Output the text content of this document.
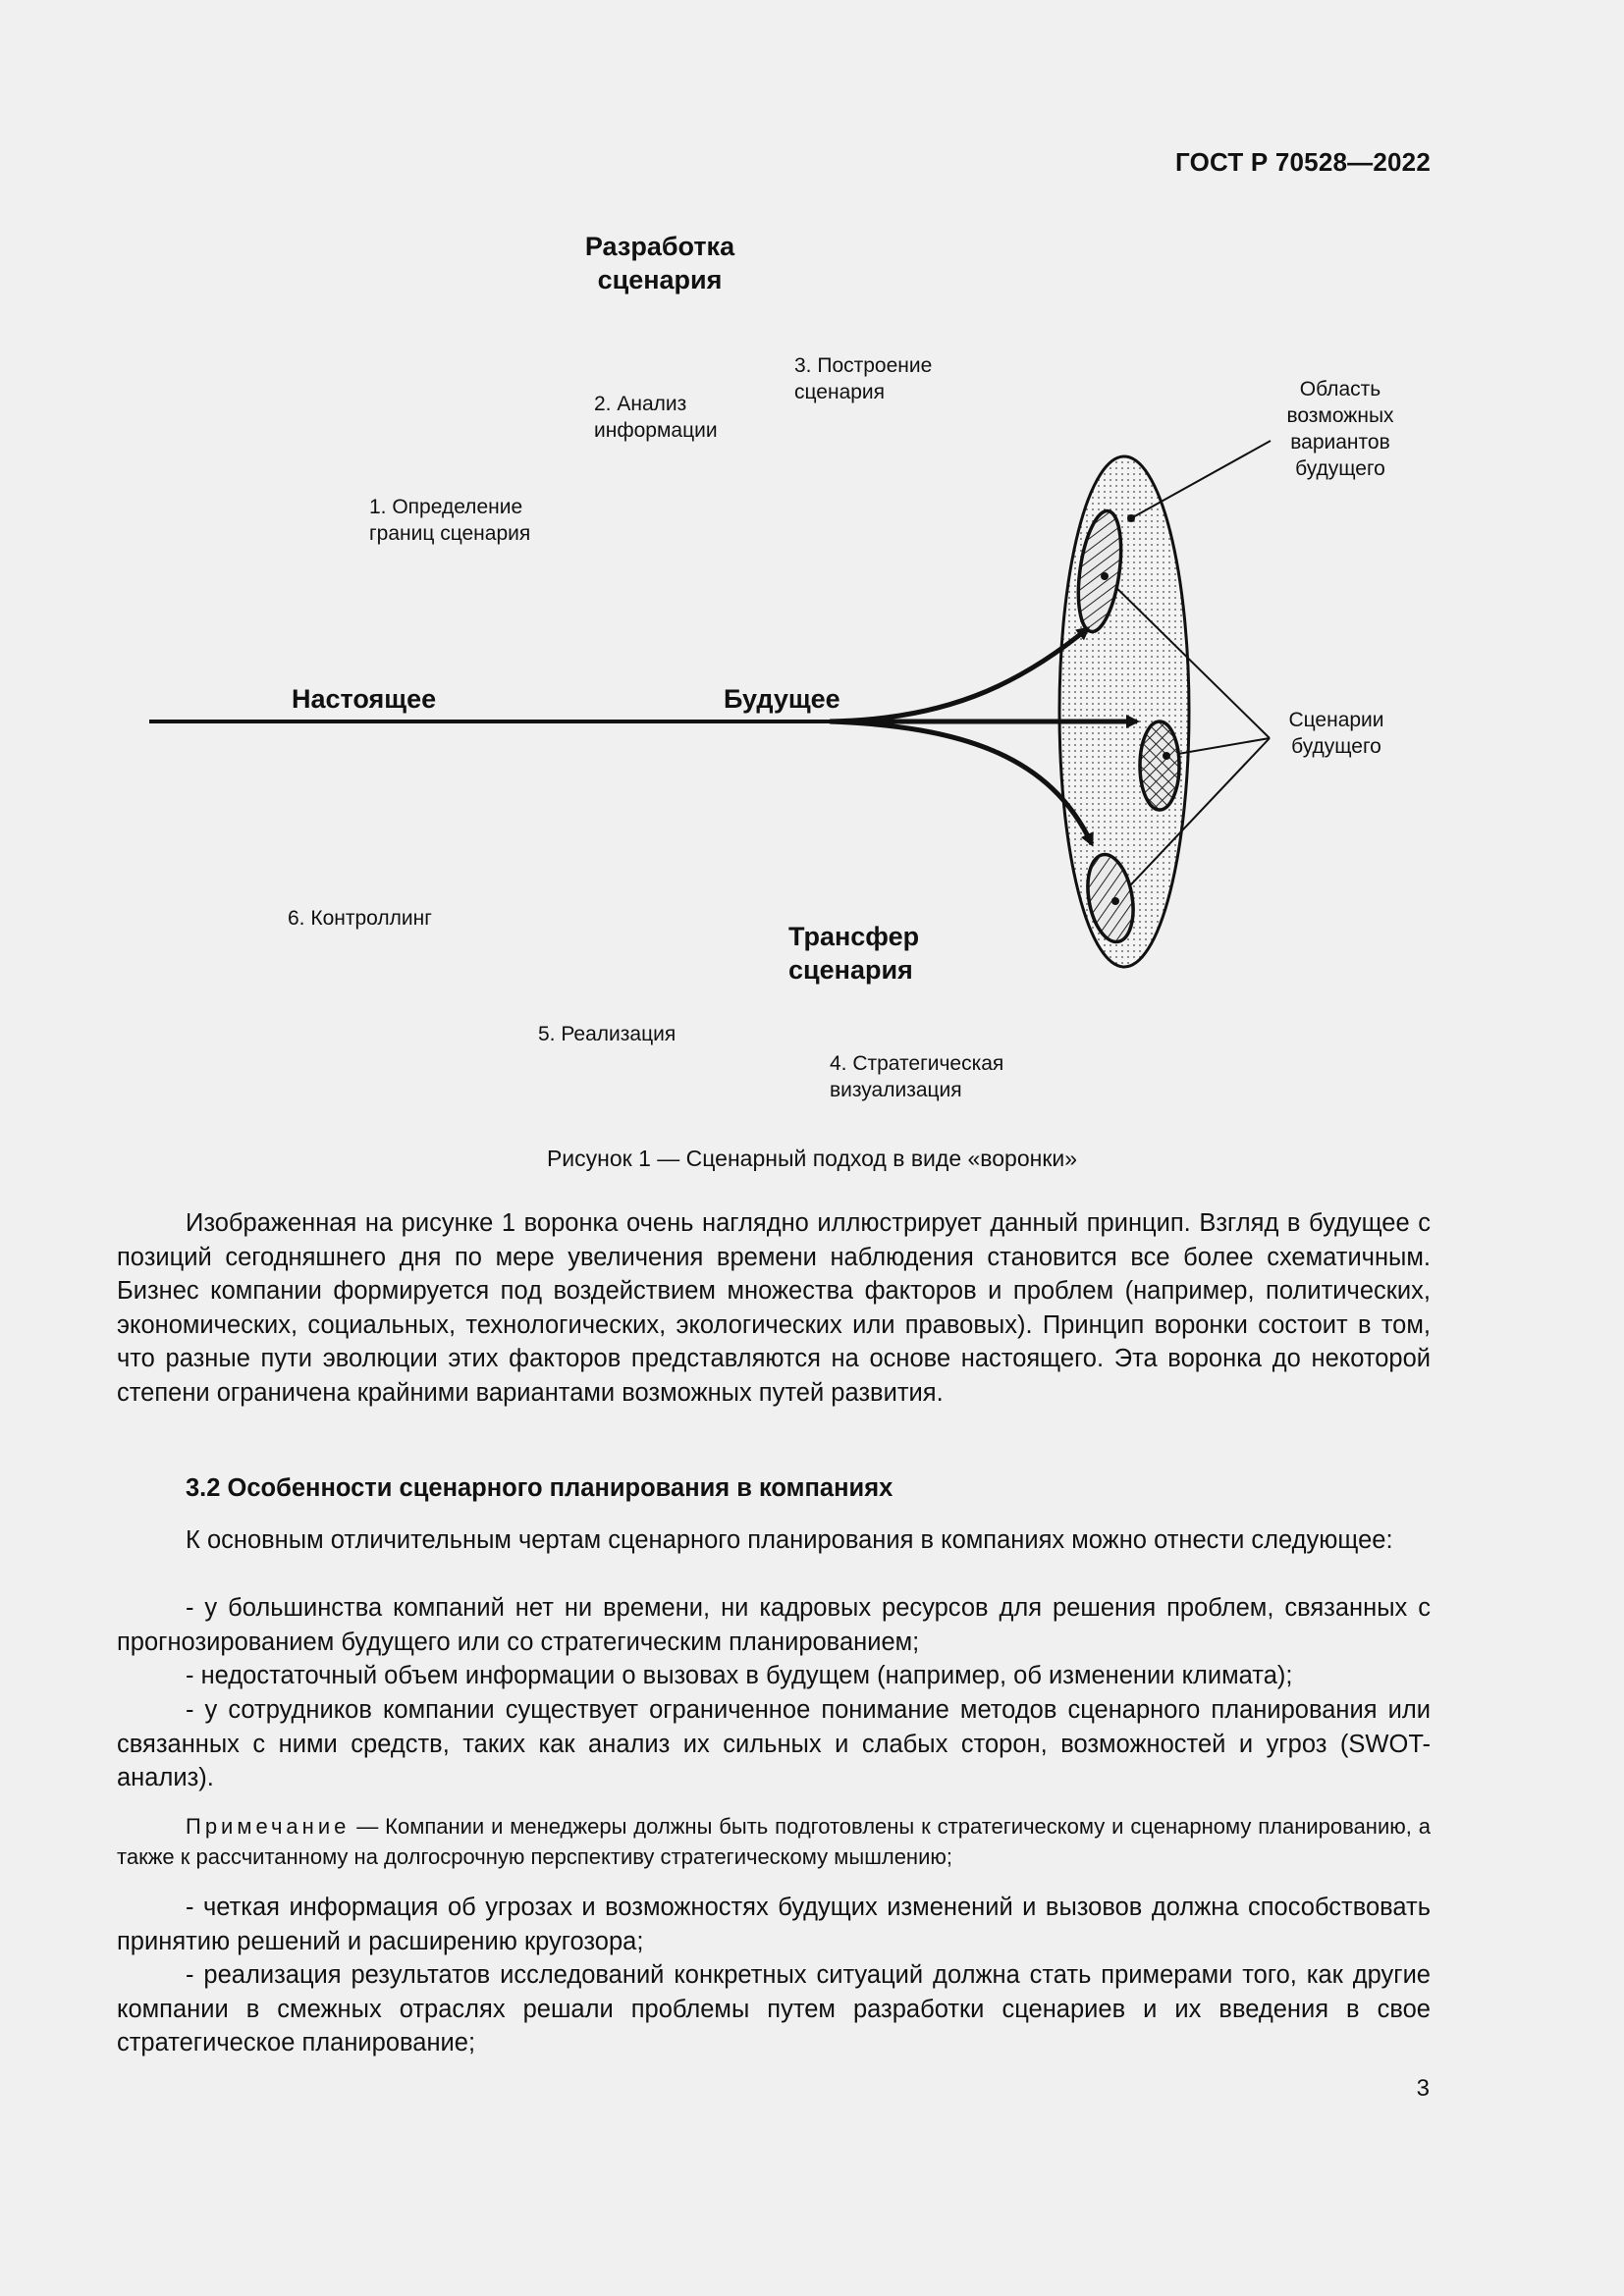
ГОСТ Р 70528—2022
Разработка
сценария
1. Определение
границ сценария
2. Анализ
информации
3. Построение
сценария
4. Стратегическая
визуализация
5. Реализация
6. Контроллинг
Настоящее	Будущее
Трансфер
сценария
Область
возможных
вариантов
будущего
Сценарии
будущего
Рисунок 1 — Сценарный подход в виде «воронки»

Изображенная на рисунке 1 воронка очень наглядно иллюстрирует данный принцип. Взгляд в будущее с позиций сегодняшнего дня по мере увеличения времени наблюдения становится все более схематичным. Бизнес компании формируется под воздействием множества факторов и проблем (например, политических, экономических, социальных, технологических, экологических или правовых). Принцип воронки состоит в том, что разные пути эволюции этих факторов представляются на основе настоящего. Эта воронка до некоторой степени ограничена крайними вариантами возможных путей развития.

3.2 Особенности сценарного планирования в компаниях

К основным отличительным чертам сценарного планирования в компаниях можно отнести следующее:

- у большинства компаний нет ни времени, ни кадровых ресурсов для решения проблем, связанных с прогнозированием будущего или со стратегическим планированием;

- недостаточный объем информации о вызовах в будущем (например, об изменении климата);

- у сотрудников компании существует ограниченное понимание методов сценарного планирования или связанных с ними средств, таких как анализ их сильных и слабых сторон, возможностей и угроз (SWOT-анализ).

Примечание — Компании и менеджеры должны быть подготовлены к стратегическому и сценарному планированию, а также к рассчитанному на долгосрочную перспективу стратегическому мышлению;

- четкая информация об угрозах и возможностях будущих изменений и вызовов должна способствовать принятию решений и расширению кругозора;

- реализация результатов исследований конкретных ситуаций должна стать примерами того, как другие компании в смежных отраслях решали проблемы путем разработки сценариев и их введения в свое стратегическое планирование;

3
